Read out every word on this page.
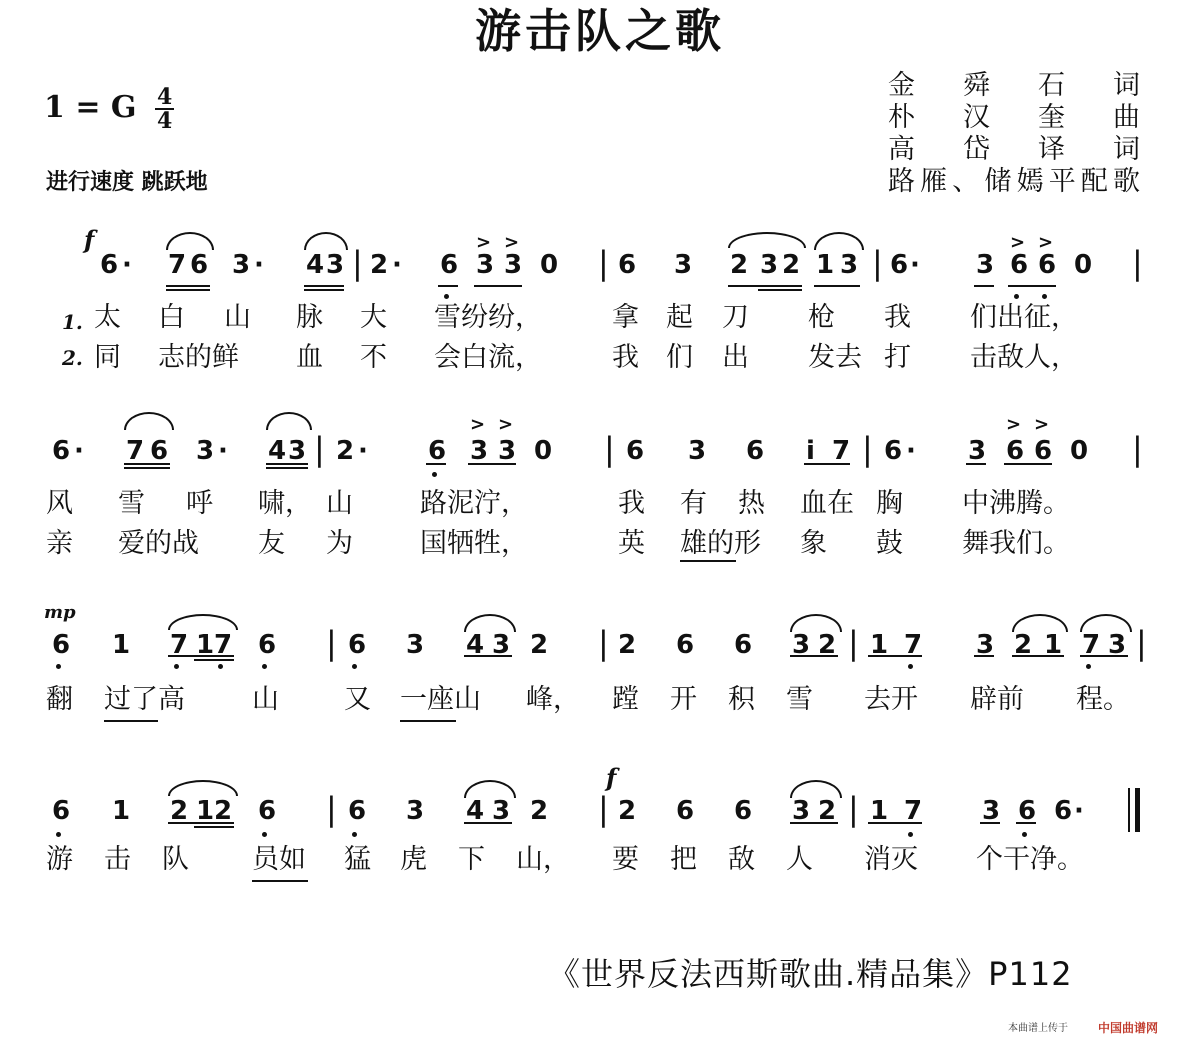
游击队之歌
1 = G $\frac{4}{4}$
进行速度 跳跃地
金舜石词
朴汉奎曲
高岱译词
路雁、储嫣平配歌
f
mp
f
1.
2.
6 · 7 6 3 · 4 3 | 2 · 6 3 3 0 | 6 3 2 3 2 1 3 | 6 · 3 6 6 0 |
太 白 山 脉 大 雪纷纷，	拿 起 刀 枪 我 们出征，
同 志的鲜 血 不 会白流，	我 们 出 发去 打 击敌人，
6 · 7 6 3 · 4 3 | 2 · 6 3 3 0 | 6 3 6 i 7 | 6 · 3 6 6 0 |
风 雪 呼 啸， 山 路泥泞，	我 有 热 血在 胸 中沸腾。
亲 爱的战 友 为 国牺牲，	英 雄的形 象 鼓 舞我们。
6 1 7 1 7 6 | 6 3 4 3 2 | 2 6 6 3 2 | 1 7 3 2 1 7 3 |
翻 过了高 山 又 一座山 峰， 蹚 开 积 雪 去开 辟前 程。
6 1 2 1 2 6 | 6 3 4 3 2 | 2 6 6 3 2 | 1 7 3 6 6 ·
游 击 队 员如 猛 虎 下 山， 要 把 敌 人 消灭 个干净。
> >	> >
> >	> >
《世界反法西斯歌曲.精品集》P112
本曲谱上传于	中国曲谱网
